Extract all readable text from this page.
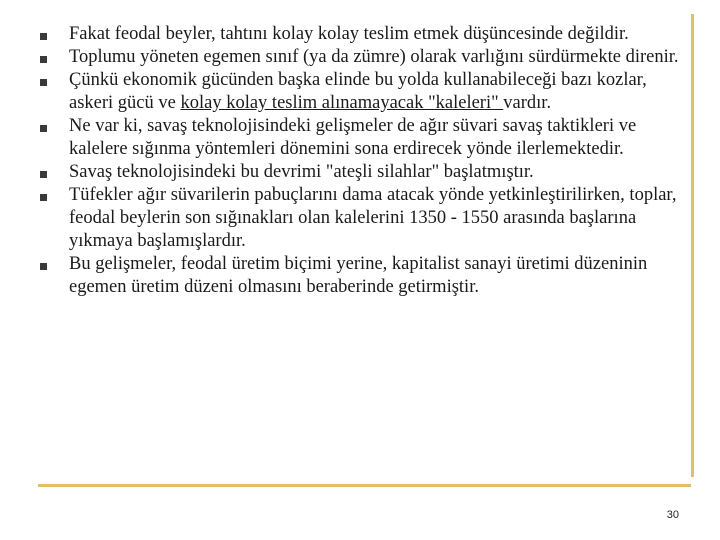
Fakat feodal beyler, tahtını kolay kolay teslim etmek düşüncesinde değildir.
Toplumu yöneten egemen sınıf (ya da zümre) olarak varlığını sürdürmekte direnir.
Çünkü ekonomik gücünden başka elinde bu yolda kullanabileceği bazı kozlar, askeri gücü ve kolay kolay teslim alınamayacak "kaleleri" vardır.
Ne var ki, savaş teknolojisindeki gelişmeler de ağır süvari savaş taktikleri ve kalelere sığınma yöntemleri dönemini sona erdirecek yönde ilerlemektedir.
Savaş teknolojisindeki bu devrimi "ateşli silahlar" başlatmıştır.
Tüfekler ağır süvarilerin pabuçlarını dama atacak yönde yetkinleştirilirken, toplar, feodal beylerin son sığınakları olan kalelerini 1350 - 1550 arasında başlarına yıkmaya başlamışlardır.
Bu gelişmeler, feodal üretim biçimi yerine, kapitalist sanayi üretimi düzeninin egemen üretim düzeni olmasını beraberinde getirmiştir.
30
